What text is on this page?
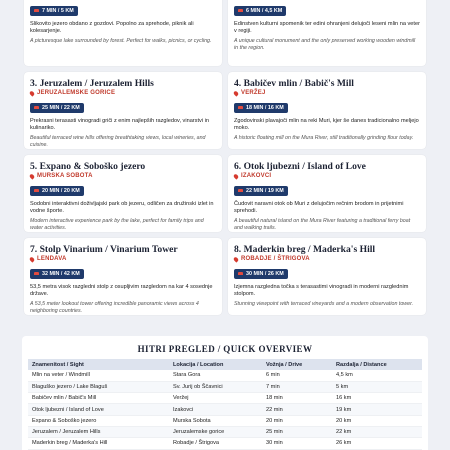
7 MIN / 5 KM
Slikovito jezero obdano z gozdovi. Popolno za sprehode, piknik ali kolesarjenje.
A picturesque lake surrounded by forest. Perfect for walks, picnics, or cycling.
6 MIN / 4,5 KM
Edinstven kulturni spomenik ter edini ohranjeni delujoči leseni mlin na veter v regiji.
A unique cultural monument and the only preserved working wooden windmill in the region.
3. Jeruzalem / Jeruzalem Hills
JERUZALEMSKE GORICE
25 MIN / 22 KM
Prekrasni terasasti vinogradi griči z enim najlepših razgledov, vinarstvi in kulinariko.
Beautiful terraced wine hills offering breathtaking views, local wineries, and cuisine.
4. Babičev mlin / Babič's Mill
VERŽEJ
18 MIN / 16 KM
Zgodovinski plavajoči mlin na reki Muri, kjer še danes tradicionalno meljejo moko.
A historic floating mill on the Mura River, still traditionally grinding flour today.
5. Expano & Soboško jezero
MURSKA SOBOTA
20 MIN / 20 KM
Sodobni interaktivni doživljajski park ob jezeru, odličen za družinski izlet in vodne športe.
Modern interactive experience park by the lake, perfect for family trips and water activities.
6. Otok ljubezni / Island of Love
IZAKOVCI
22 MIN / 19 KM
Čudovit naravni otok ob Muri z delujočim rečnim brodom in prijetnimi sprehodi.
A beautiful natural island on the Mura River featuring a traditional ferry boat and walking trails.
7. Stolp Vinarium / Vinarium Tower
LENDAVA
32 MIN / 42 KM
53,5 metra visok razgledni stolp z osupljivim razgledom na kar 4 sosednje države.
A 53,5 meter lookout tower offering incredible panoramic views across 4 neighboring countries.
8. Maderkin breg / Maderka's Hill
ROBADJE / ŠTRIGOVA
30 MIN / 26 KM
Izjemna razgledna točka s terasastimi vinogradi in moderni razglednim stolpom.
Stunning viewpoint with terraced vineyards and a modern observation tower.
HITRI PREGLED / QUICK OVERVIEW
Znamenitost / Sight	Lokacija / Location	Vožnja / Drive	Razdalja / Distance
Mlin na veter / Windmill	Stara Gora	6 min	4,5 km
Blaguško jezero / Lake Blaguš	Sv. Jurij ob Ščavnici	7 min	5 km
Babičev mlin / Babič's Mill	Veržej	18 min	16 km
Otok ljubezni / Island of Love	Izakovci	22 min	19 km
Expano & Soboško jezero	Murska Sobota	20 min	20 km
Jeruzalem / Jeruzalem Hills	Jeruzalemske gorice	25 min	22 km
Maderkin breg / Maderka's Hill	Robadje / Štrigova	30 min	26 km
